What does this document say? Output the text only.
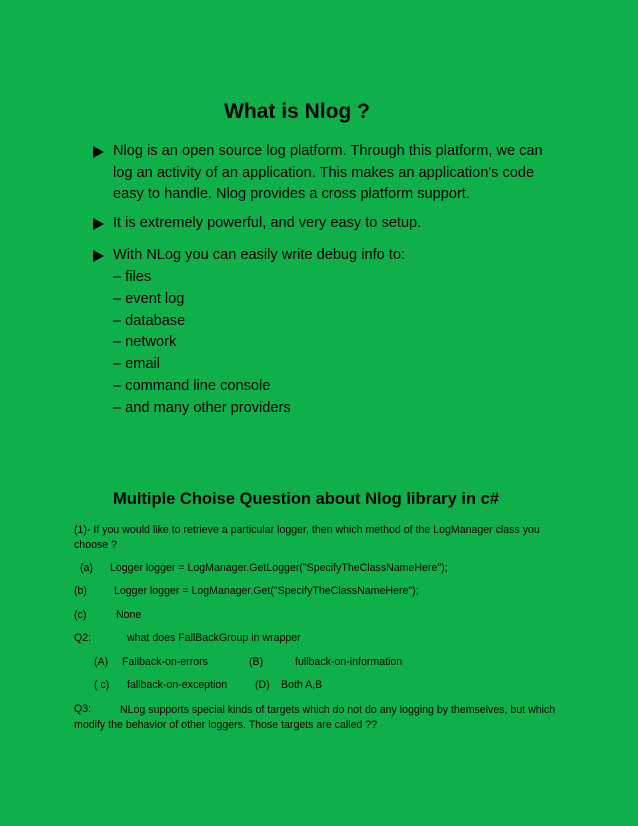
What is Nlog ?
Nlog is an open source log platform. Through this platform, we can log an activity of an application. This makes an application's code easy to handle. Nlog provides a cross platform support.
It is extremely powerful, and very easy to setup.
With NLog you can easily write debug info to:
– files
– event log
– database
– network
– email
– command line console
– and many other providers
Multiple Choise Question about Nlog library in c#
(1)- If you would like to retrieve a particular logger, then which method of the LogManager class you choose ?
(a) Logger logger = LogManager.GetLogger("SpecifyTheClassNameHere");
(b)	Logger logger = LogManager.Get("SpecifyTheClassNameHere");
(c)	None
Q2:	what does FallBackGroup in wrapper
(A) Fallback-on-errors	(B)	fullback-on-information
( c) fallback-on-exception	(D) Both A,B
Q3:	NLog supports special kinds of targets which do not do any logging by themselves, but which modify the behavior of other loggers. Those targets are called ??
